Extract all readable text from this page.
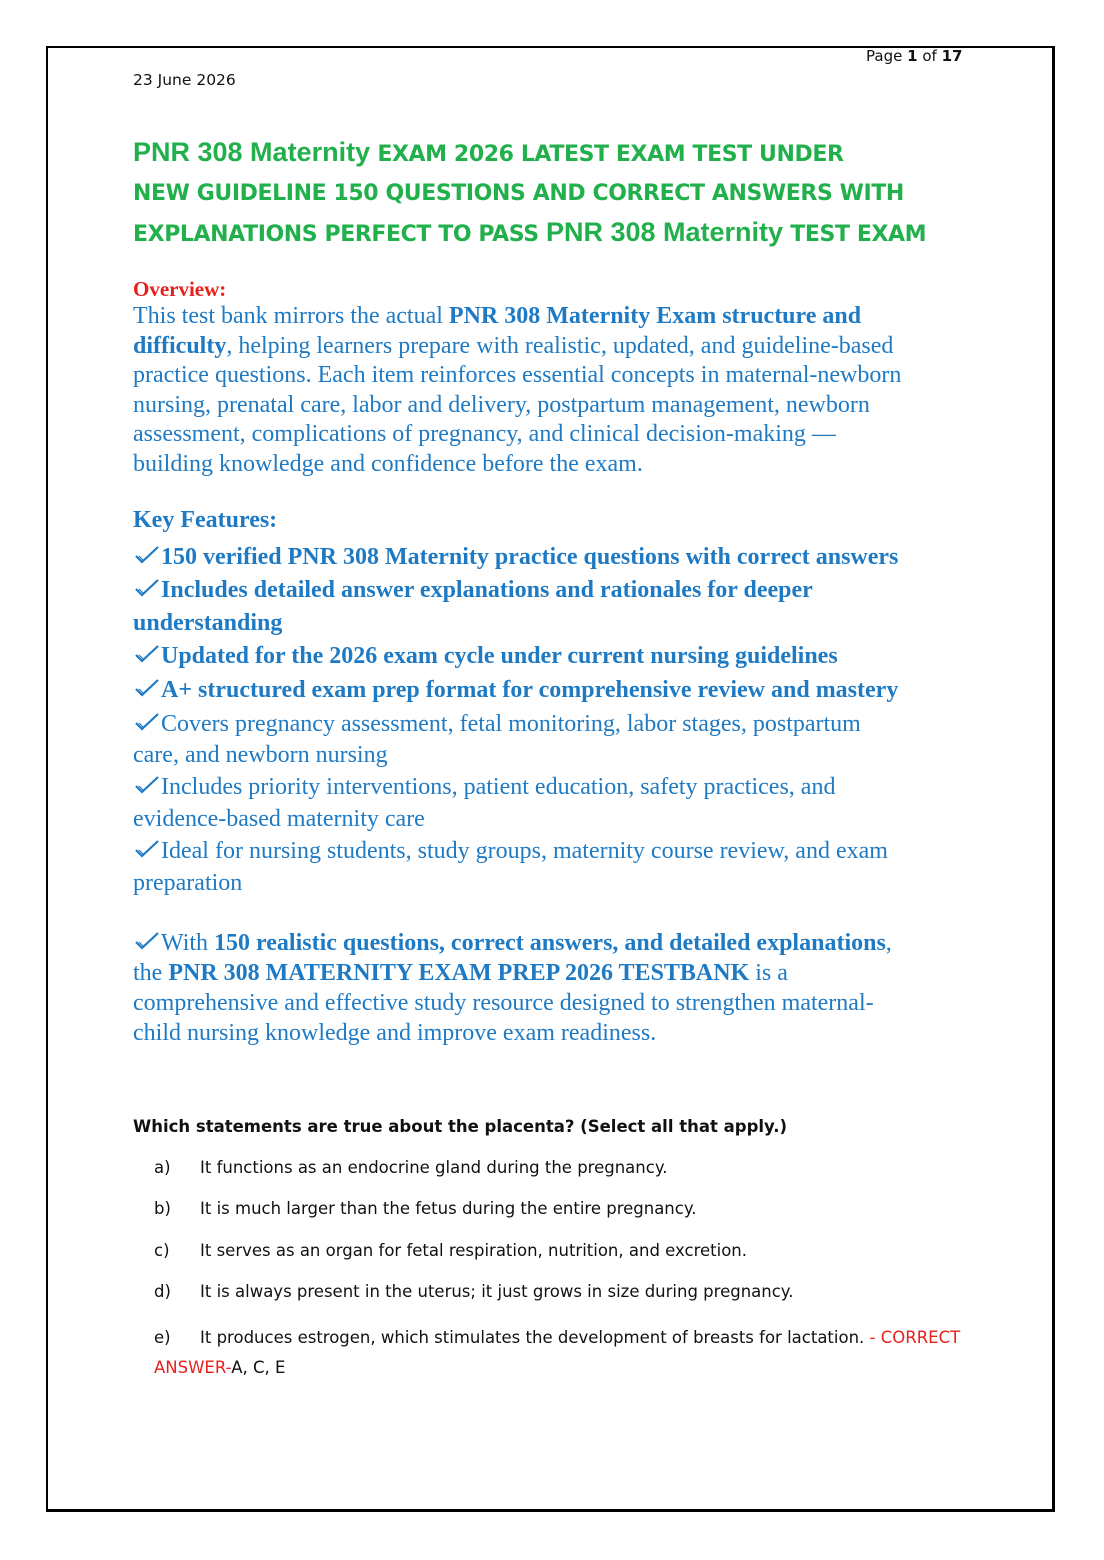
Page 1 of 17
23 June 2026
PNR 308 Maternity EXAM 2026 LATEST EXAM TEST UNDER
NEW GUIDELINE 150 QUESTIONS AND CORRECT ANSWERS WITH
EXPLANATIONS PERFECT TO PASS PNR 308 Maternity TEST EXAM
Overview:
This test bank mirrors the actual PNR 308 Maternity Exam structure and
difficulty, helping learners prepare with realistic, updated, and guideline-based
practice questions. Each item reinforces essential concepts in maternal-newborn
nursing, prenatal care, labor and delivery, postpartum management, newborn
assessment, complications of pregnancy, and clinical decision-making —
building knowledge and confidence before the exam.
Key Features:
150 verified PNR 308 Maternity practice questions with correct answers
Includes detailed answer explanations and rationales for deeper
understanding
Updated for the 2026 exam cycle under current nursing guidelines
A+ structured exam prep format for comprehensive review and mastery
Covers pregnancy assessment, fetal monitoring, labor stages, postpartum
care, and newborn nursing
Includes priority interventions, patient education, safety practices, and
evidence-based maternity care
Ideal for nursing students, study groups, maternity course review, and exam
preparation
With 150 realistic questions, correct answers, and detailed explanations,
the PNR 308 MATERNITY EXAM PREP 2026 TESTBANK is a
comprehensive and effective study resource designed to strengthen maternal-
child nursing knowledge and improve exam readiness.
Which statements are true about the placenta? (Select all that apply.)
a) It functions as an endocrine gland during the pregnancy.
b) It is much larger than the fetus during the entire pregnancy.
c) It serves as an organ for fetal respiration, nutrition, and excretion.
d) It is always present in the uterus; it just grows in size during pregnancy.
e) It produces estrogen, which stimulates the development of breasts for lactation. - CORRECT
ANSWER-A, C, E
